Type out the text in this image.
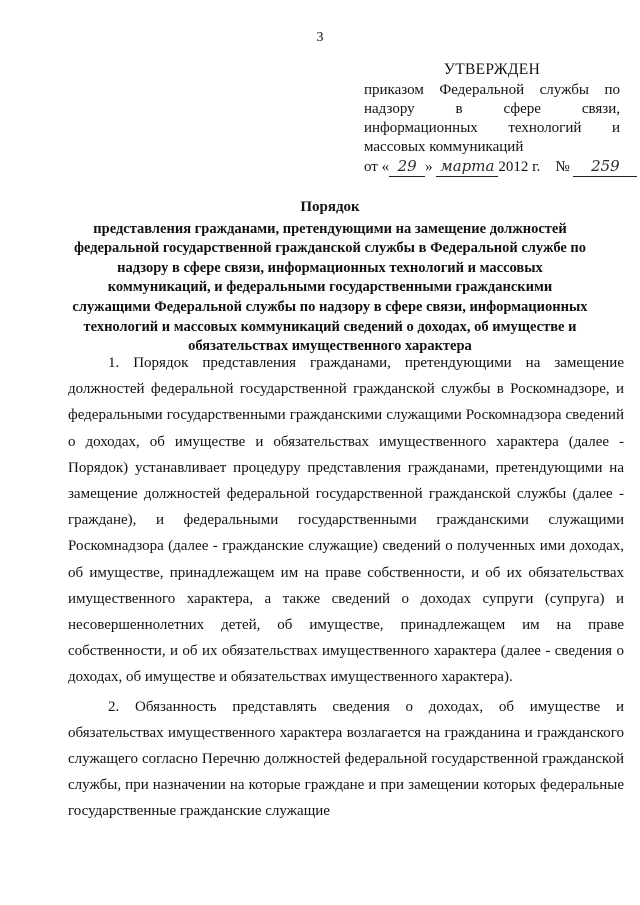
3
УТВЕРЖДЕН
приказом Федеральной службы по
надзору в сфере связи,
информационных технологий и
массовых коммуникаций
от « 29 » марта 2012 г. № 259
Порядок
представления гражданами, претендующими на замещение должностей федеральной государственной гражданской службы в Федеральной службе по надзору в сфере связи, информационных технологий и массовых коммуникаций, и федеральными государственными гражданскими служащими Федеральной службы по надзору в сфере связи, информационных технологий и массовых коммуникаций сведений о доходах, об имуществе и обязательствах имущественного характера

1. Порядок представления гражданами, претендующими на замещение должностей федеральной государственной гражданской службы в Роскомнадзоре, и федеральными государственными гражданскими служащими Роскомнадзора сведений о доходах, об имуществе и обязательствах имущественного характера (далее - Порядок) устанавливает процедуру представления гражданами, претендующими на замещение должностей федеральной государственной гражданской службы (далее - граждане), и федеральными государственными гражданскими служащими Роскомнадзора (далее - гражданские служащие) сведений о полученных ими доходах, об имуществе, принадлежащем им на праве собственности, и об их обязательствах имущественного характера, а также сведений о доходах супруги (супруга) и несовершеннолетних детей, об имуществе, принадлежащем им на праве собственности, и об их обязательствах имущественного характера (далее - сведения о доходах, об имуществе и обязательствах имущественного характера).

2. Обязанность представлять сведения о доходах, об имуществе и обязательствах имущественного характера возлагается на гражданина и гражданского служащего согласно Перечню должностей федеральной государственной гражданской службы, при назначении на которые граждане и при замещении которых федеральные государственные гражданские служащие
